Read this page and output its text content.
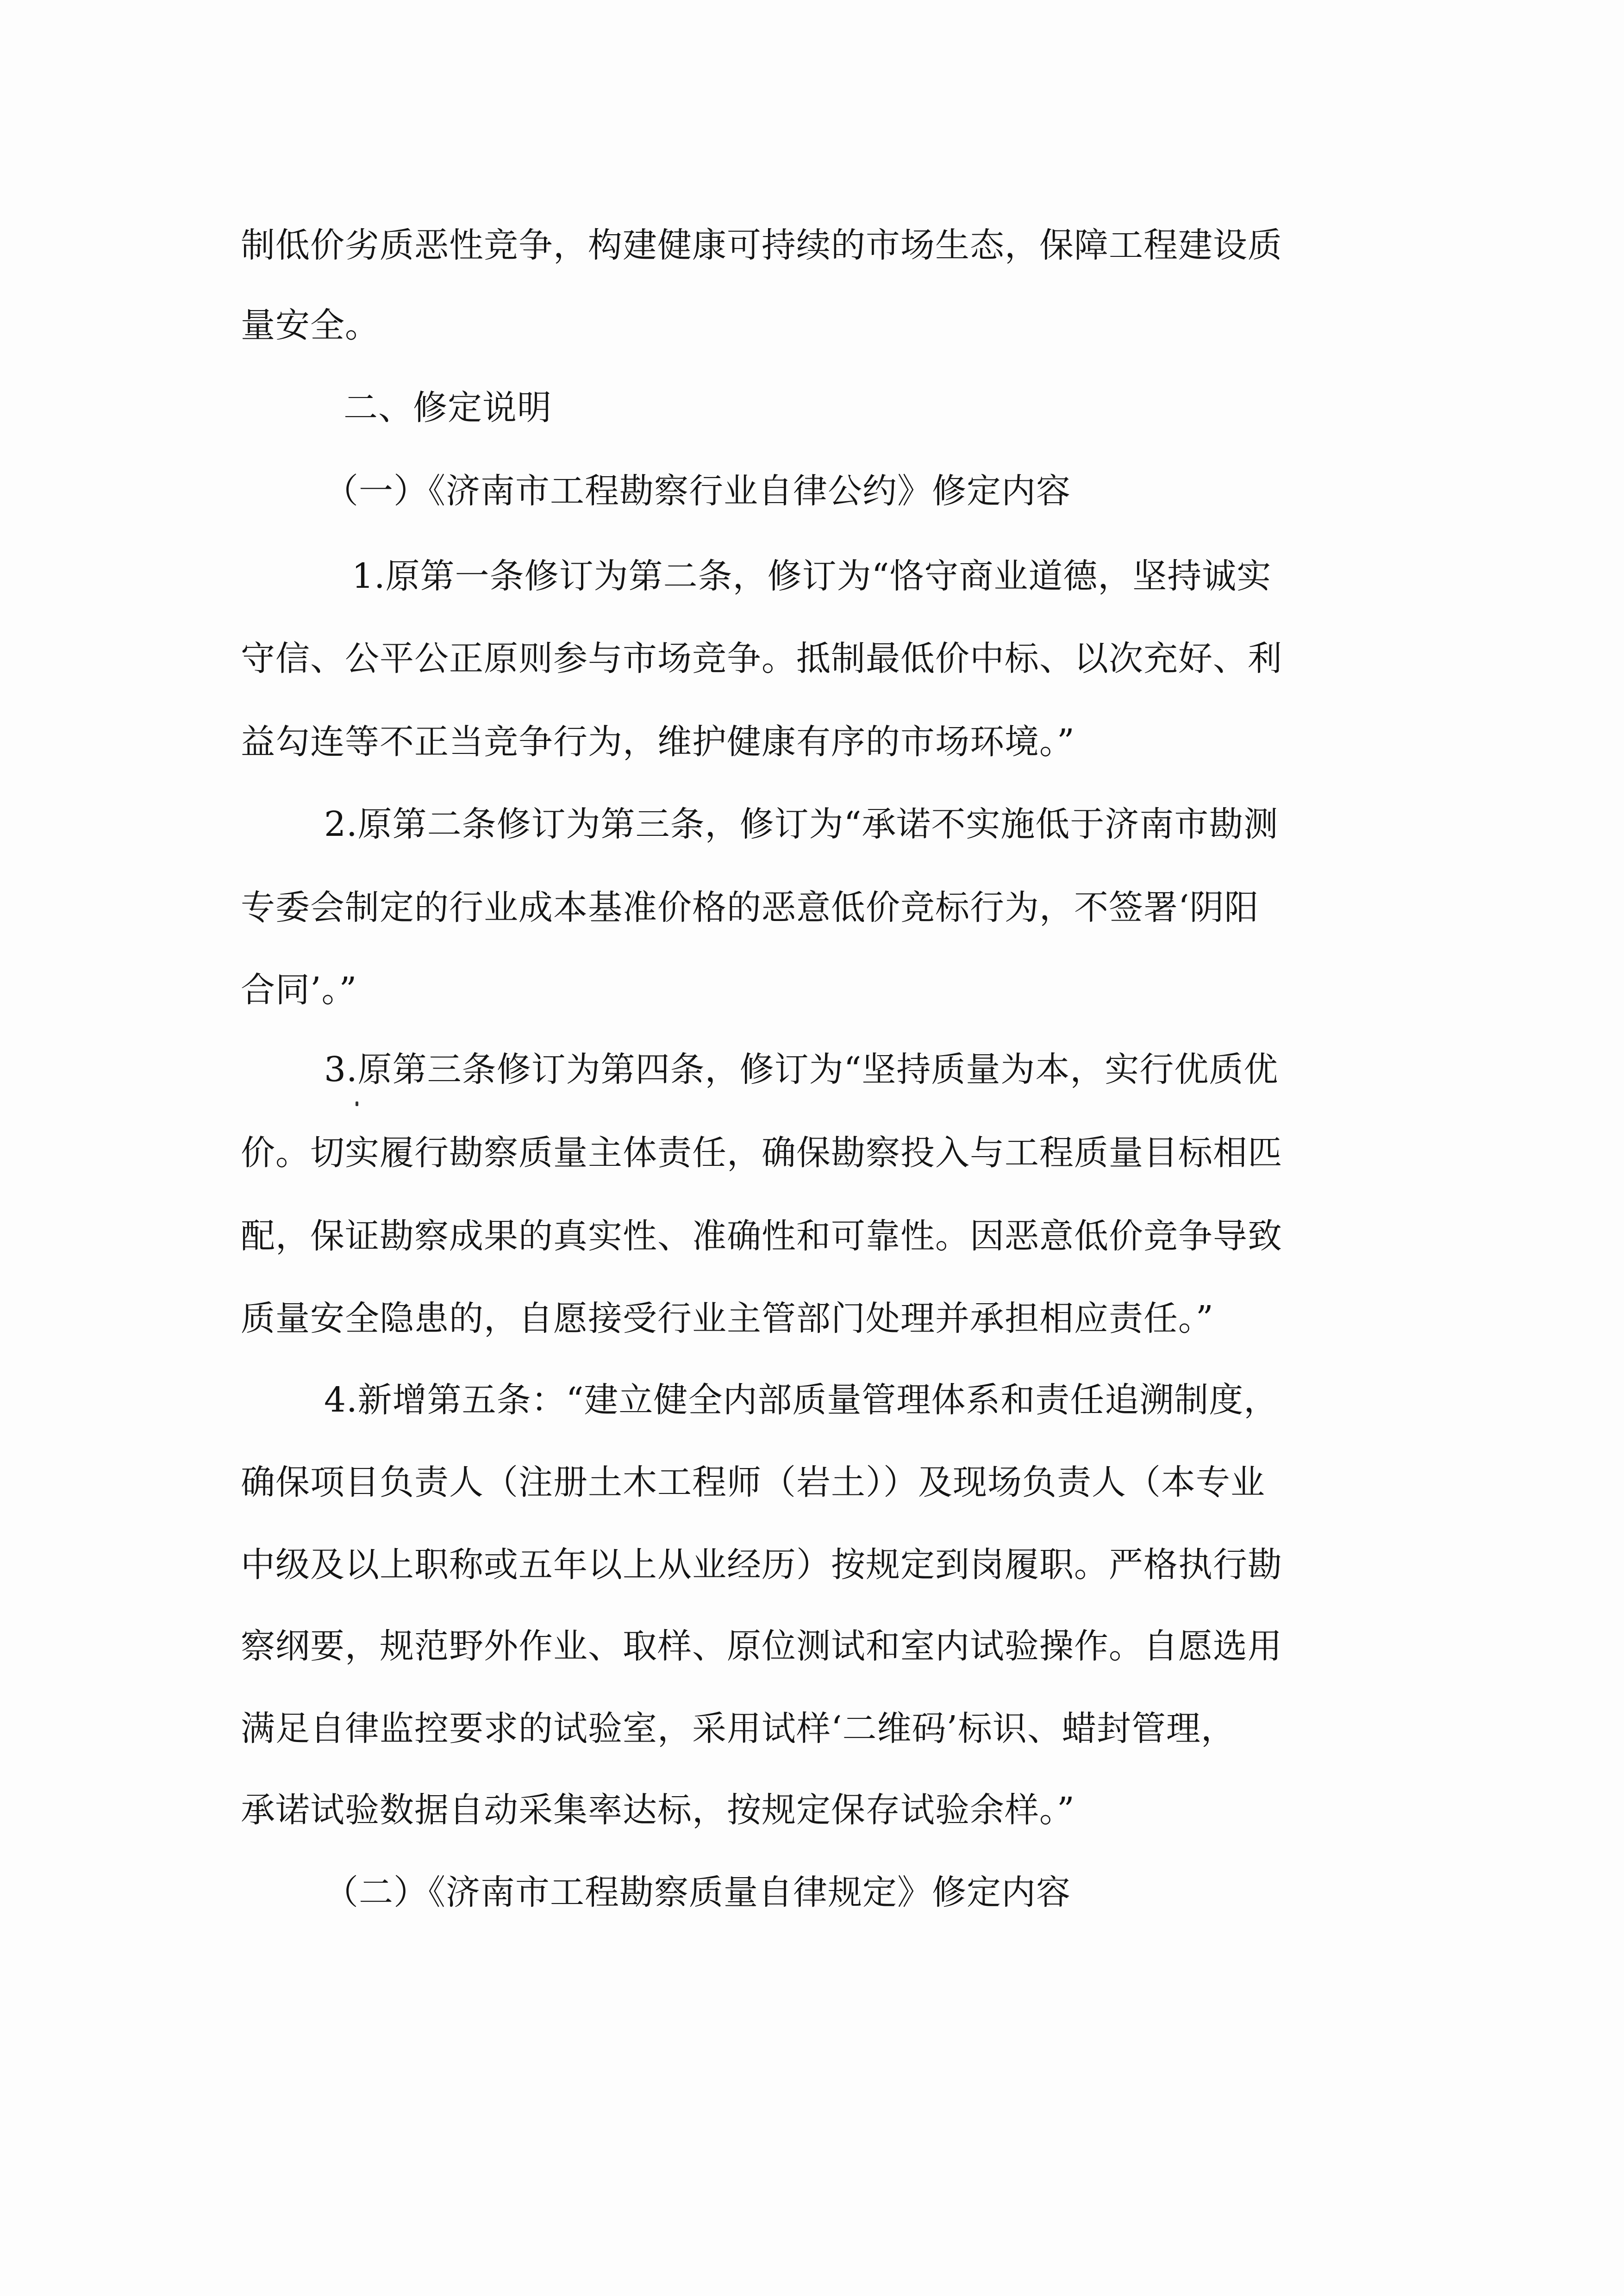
制低价劣质恶性竞争，构建健康可持续的市场生态，保障工程建设质
量安全。
二、修定说明
（一）《济南市工程勘察行业自律公约》修定内容
1.原第一条修订为第二条，修订为“恪守商业道德，坚持诚实
守信、公平公正原则参与市场竞争。抵制最低价中标、以次充好、利
益勾连等不正当竞争行为，维护健康有序的市场环境。”
2.原第二条修订为第三条，修订为“承诺不实施低于济南市勘测
专委会制定的行业成本基准价格的恶意低价竞标行为，不签署‘阴阳
合同’。”
3.原第三条修订为第四条，修订为“坚持质量为本，实行优质优
价。切实履行勘察质量主体责任，确保勘察投入与工程质量目标相匹
配，保证勘察成果的真实性、准确性和可靠性。因恶意低价竞争导致
质量安全隐患的，自愿接受行业主管部门处理并承担相应责任。”
4.新增第五条：“建立健全内部质量管理体系和责任追溯制度，
确保项目负责人（注册土木工程师（岩土））及现场负责人（本专业
中级及以上职称或五年以上从业经历）按规定到岗履职。严格执行勘
察纲要，规范野外作业、取样、原位测试和室内试验操作。自愿选用
满足自律监控要求的试验室，采用试样‘二维码’标识、蜡封管理，
承诺试验数据自动采集率达标，按规定保存试验余样。”
（二）《济南市工程勘察质量自律规定》修定内容
